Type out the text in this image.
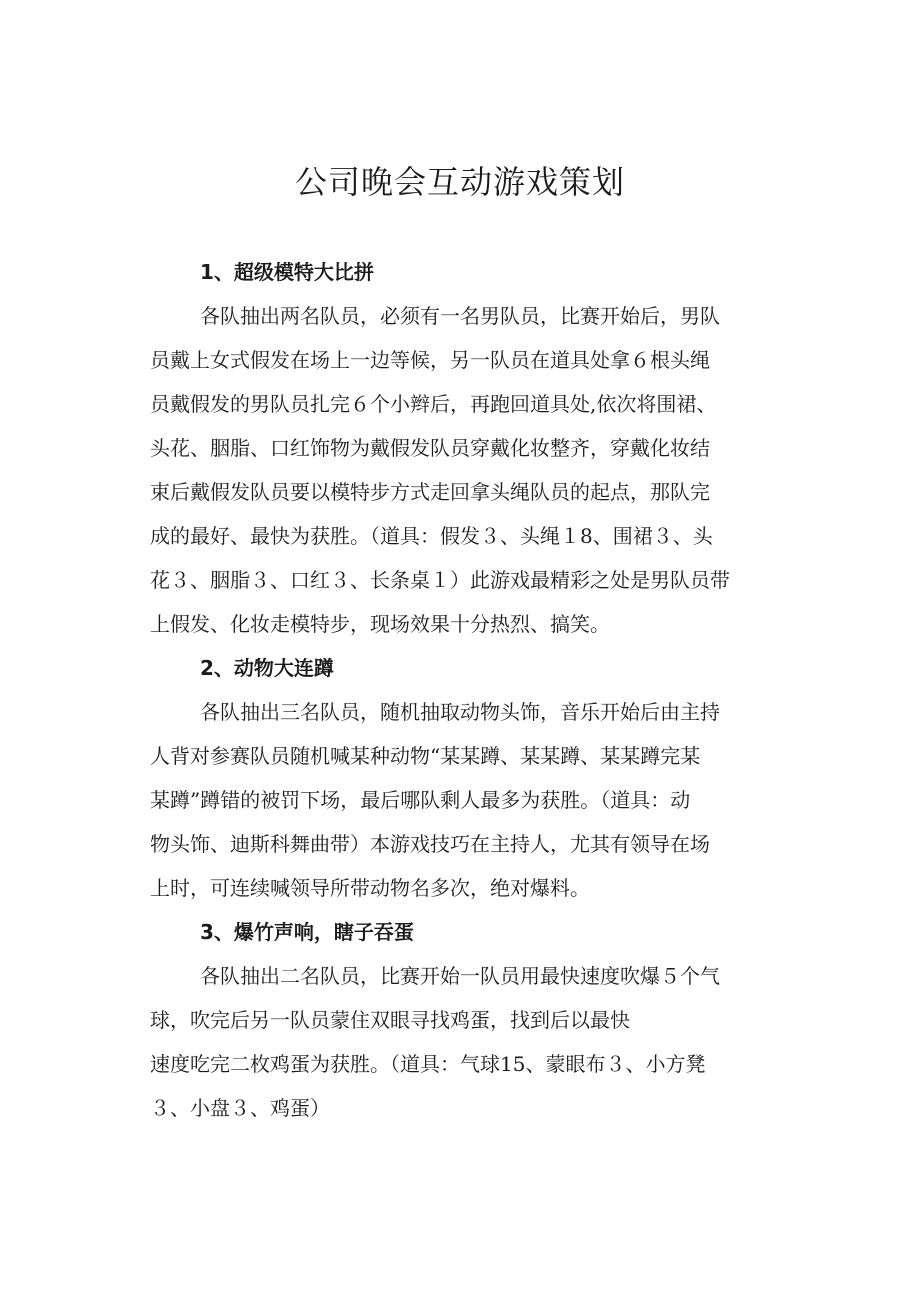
公司晚会互动游戏策划
1、超级模特大比拼
各队抽出两名队员，必须有一名男队员，比赛开始后，男队
员戴上女式假发在场上一边等候，另一队员在道具处拿６根头绳
员戴假发的男队员扎完６个小辫后，再跑回道具处,依次将围裙、
头花、胭脂、口红饰物为戴假发队员穿戴化妆整齐，穿戴化妆结
束后戴假发队员要以模特步方式走回拿头绳队员的起点，那队完
成的最好、最快为获胜。（道具：假发３、头绳１8、围裙３、头
花３、胭脂３、口红３、长条桌１）此游戏最精彩之处是男队员带
上假发、化妆走模特步，现场效果十分热烈、搞笑。
2、动物大连蹲
各队抽出三名队员，随机抽取动物头饰，音乐开始后由主持
人背对参赛队员随机喊某种动物“某某蹲、某某蹲、某某蹲完某
某蹲”蹲错的被罚下场，最后哪队剩人最多为获胜。（道具：动
物头饰、迪斯科舞曲带）本游戏技巧在主持人，尤其有领导在场
上时，可连续喊领导所带动物名多次，绝对爆料。
3、爆竹声响，瞎子吞蛋
各队抽出二名队员，比赛开始一队员用最快速度吹爆５个气
球，吹完后另一队员蒙住双眼寻找鸡蛋，找到后以最快
速度吃完二枚鸡蛋为获胜。（道具：气球15、蒙眼布３、小方凳
３、小盘３、鸡蛋）
